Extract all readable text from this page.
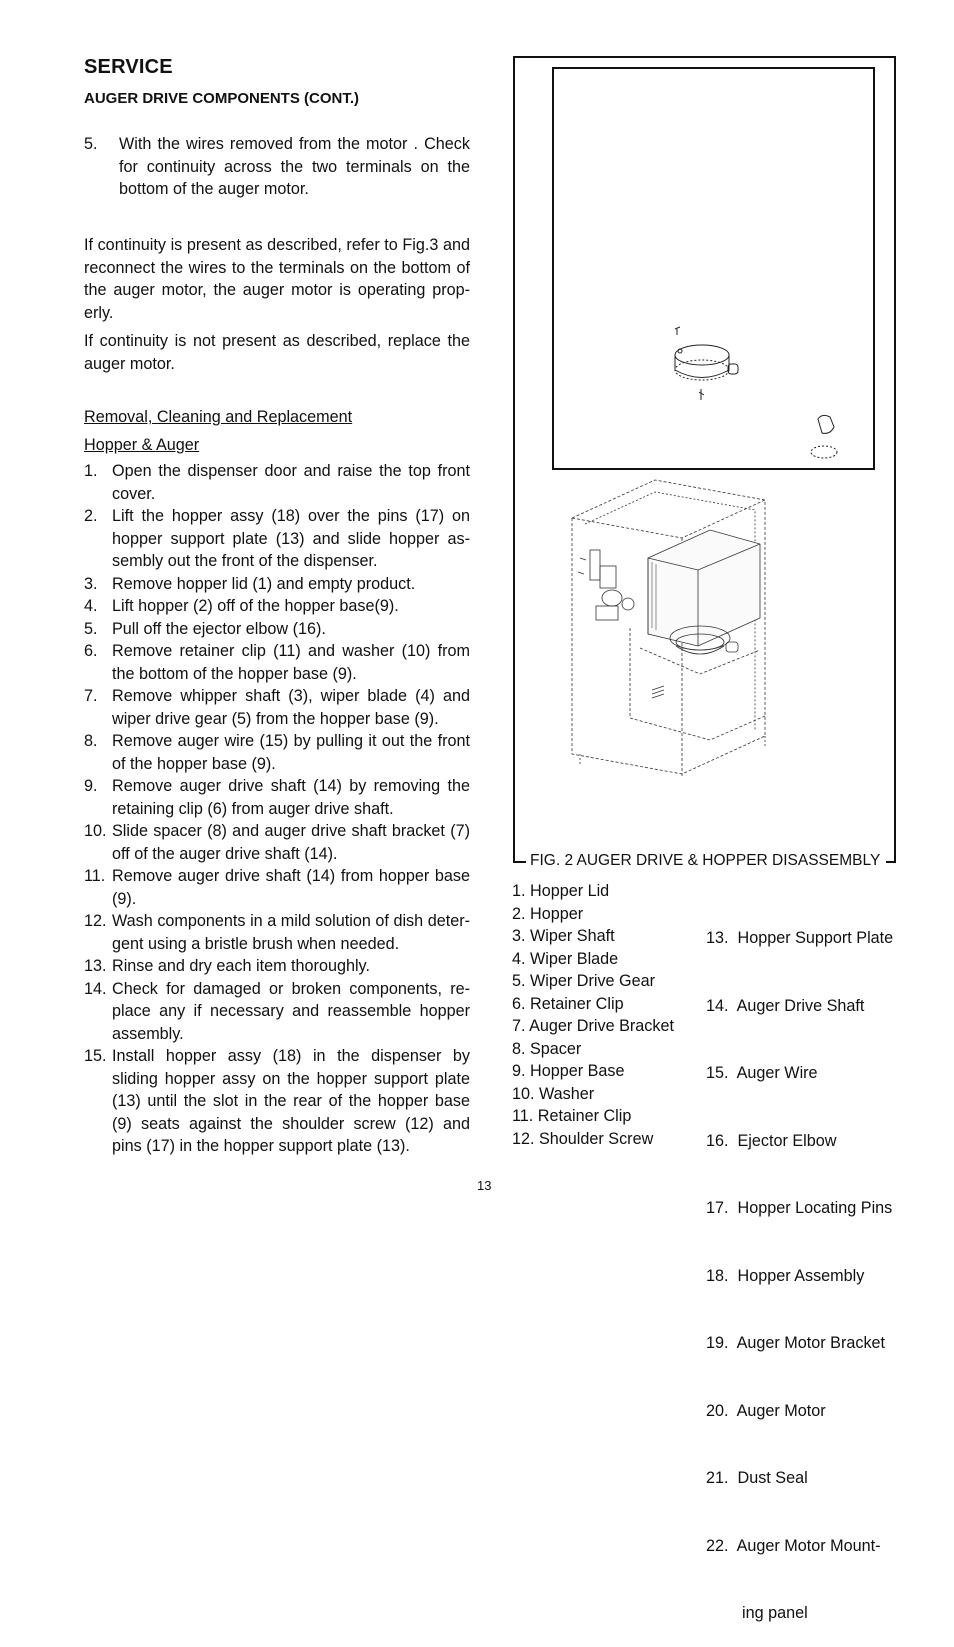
SERVICE
AUGER DRIVE COMPONENTS (CONT.)
5. With the wires removed from the motor . Check for continuity across the two terminals on the bottom of the auger motor.
If continuity is present as described, refer to Fig.3 and reconnect the wires to the terminals on the bottom of the auger motor, the auger motor is operating prop-erly.
If continuity is not present as described, replace the auger motor.
Removal, Cleaning and Replacement
Hopper & Auger
1. Open the dispenser door and raise the top front cover.
2. Lift the hopper assy (18) over the pins (17) on hopper support plate (13) and slide hopper as-sembly out the front of the dispenser.
3. Remove hopper lid (1) and empty product.
4. Lift hopper (2) off of the hopper base(9).
5. Pull off the ejector elbow (16).
6. Remove retainer clip (11) and washer (10) from the bottom of the hopper base (9).
7. Remove whipper shaft (3), wiper blade (4) and wiper drive gear (5) from the hopper base (9).
8. Remove auger wire (15) by pulling it out the front of the hopper base (9).
9. Remove auger drive shaft (14) by removing the retaining clip (6) from auger drive shaft.
10. Slide spacer (8) and auger drive shaft bracket (7) off of the auger drive shaft (14).
11. Remove auger drive shaft (14) from hopper base (9).
12. Wash components in a mild solution of dish deter-gent using a bristle brush when needed.
13. Rinse and dry each item thoroughly.
14. Check for damaged or broken components, re-place any if necessary and reassemble hopper assembly.
15. Install hopper assy (18) in the dispenser by sliding hopper assy on the hopper support plate (13) until the slot in the rear of the hopper base (9) seats against the shoulder screw (12) and pins (17) in the hopper support plate (13).
FIG. 2 AUGER DRIVE & HOPPER DISASSEMBLY
1. Hopper Lid
2. Hopper
3. Wiper Shaft
4. Wiper Blade
5. Wiper Drive Gear
6. Retainer Clip
7. Auger Drive Bracket
8. Spacer
9. Hopper Base
10. Washer
11. Retainer Clip
12. Shoulder Screw

13.  Hopper Support Plate

14.  Auger Drive Shaft

15.  Auger Wire

16.  Ejector Elbow

17.  Hopper Locating Pins

18.  Hopper Assembly

19.  Auger Motor Bracket

20.  Auger Motor

21.  Dust Seal

22.  Auger Motor Mount-

ing panel

13
